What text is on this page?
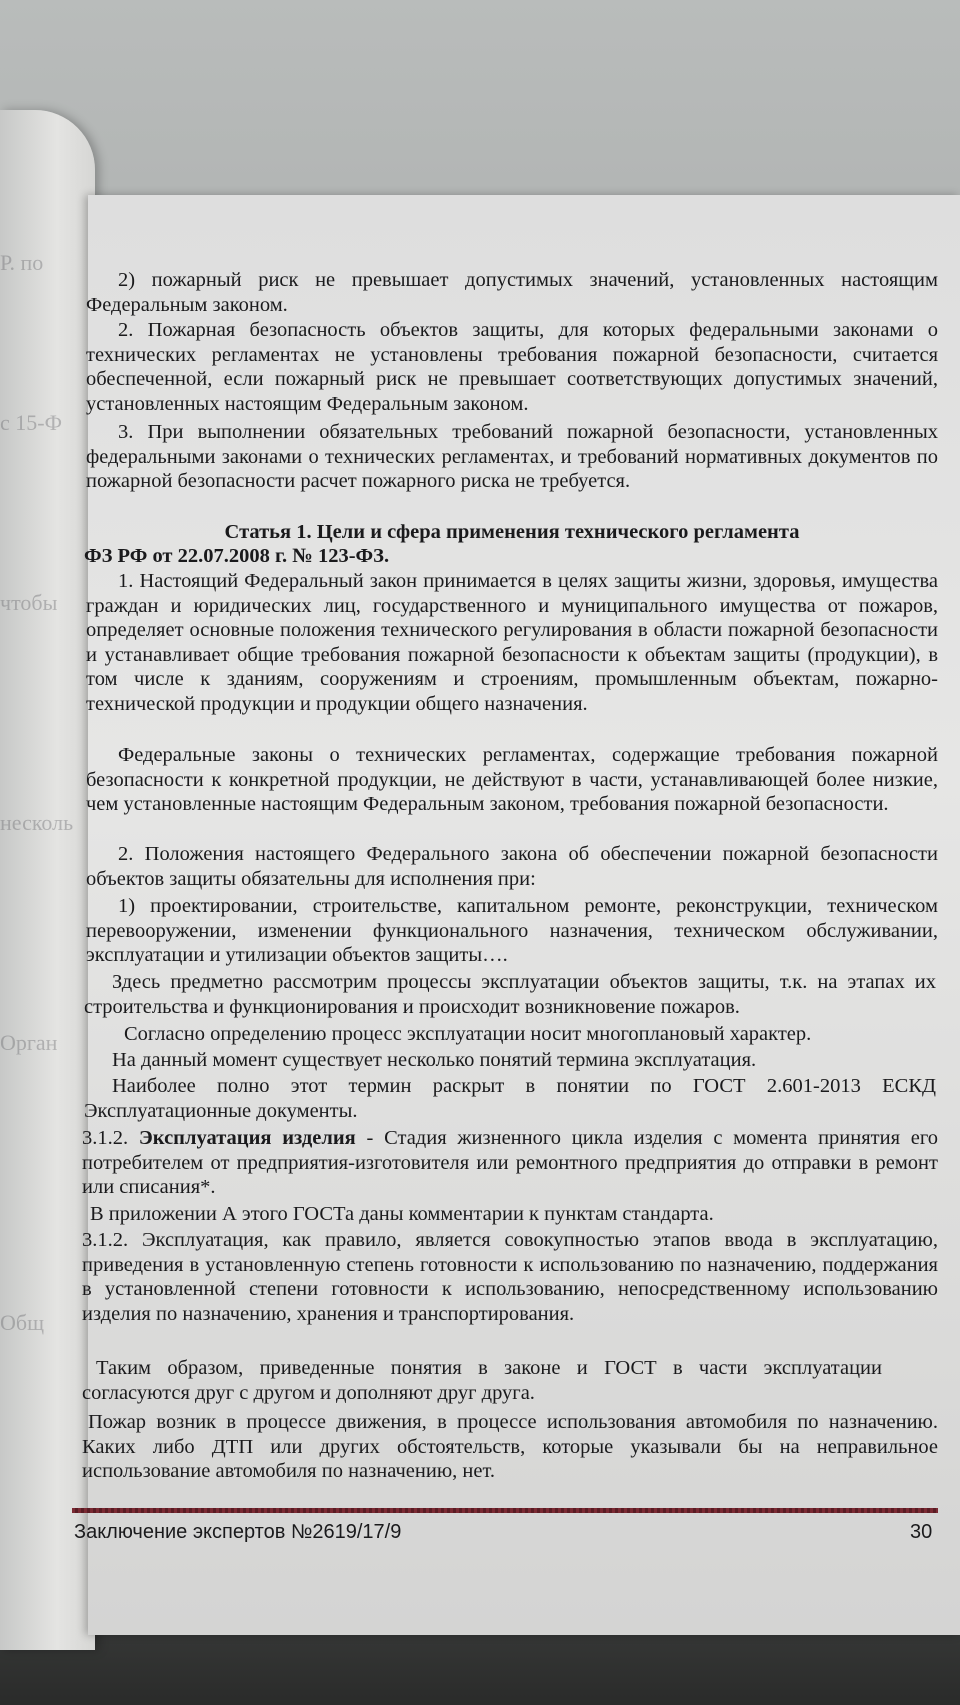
Р. по
с 15-Ф
чтобы
несколь
Орган
Общ

2) пожарный риск не превышает допустимых значений, установленных настоящим Федеральным законом.

2. Пожарная безопасность объектов защиты, для которых федеральными законами о технических регламентах не установлены требования пожарной безопасности, считается обеспеченной, если пожарный риск не превышает соответствующих допустимых значений, установленных настоящим Федеральным законом.

3. При выполнении обязательных требований пожарной безопасности, установленных федеральными законами о технических регламентах, и требований нормативных документов по пожарной безопасности расчет пожарного риска не требуется.

Статья 1. Цели и сфера применения технического регламента

ФЗ РФ от 22.07.2008 г. № 123-ФЗ.

1. Настоящий Федеральный закон принимается в целях защиты жизни, здоровья, имущества граждан и юридических лиц, государственного и муниципального имущества от пожаров, определяет основные положения технического регулирования в области пожарной безопасности и устанавливает общие требования пожарной безопасности к объектам защиты (продукции), в том числе к зданиям, сооружениям и строениям, промышленным объектам, пожарно-технической продукции и продукции общего назначения.

Федеральные законы о технических регламентах, содержащие требования пожарной безопасности к конкретной продукции, не действуют в части, устанавливающей более низкие, чем установленные настоящим Федеральным законом, требования пожарной безопасности.

2. Положения настоящего Федерального закона об обеспечении пожарной безопасности объектов защиты обязательны для исполнения при:

1) проектировании, строительстве, капитальном ремонте, реконструкции, техническом перевооружении, изменении функционального назначения, техническом обслуживании, эксплуатации и утилизации объектов защиты….

Здесь предметно рассмотрим процессы эксплуатации объектов защиты, т.к. на этапах их строительства и функционирования и происходит возникновение пожаров.

Согласно определению процесс эксплуатации носит многоплановый характер.

На данный момент существует несколько понятий термина эксплуатация.

Наиболее полно этот термин раскрыт в понятии по ГОСТ 2.601-2013 ЕСКД Эксплуатационные документы.

3.1.2. Эксплуатация изделия - Стадия жизненного цикла изделия с момента принятия его потребителем от предприятия-изготовителя или ремонтного предприятия до отправки в ремонт или списания*.

В приложении А этого ГОСТа даны комментарии к пунктам стандарта.

3.1.2. Эксплуатация, как правило, является совокупностью этапов ввода в эксплуатацию, приведения в установленную степень готовности к использованию по назначению, поддержания в установленной степени готовности к использованию, непосредственному использованию изделия по назначению, хранения и транспортирования.

Таким образом, приведенные понятия в законе и ГОСТ в части эксплуатации согласуются друг с другом и дополняют друг друга.

Пожар возник в процессе движения, в процессе использования автомобиля по назначению. Каких либо ДТП или других обстоятельств, которые указывали бы на неправильное использование автомобиля по назначению, нет.

Заключение экспертов №2619/17/9	30
